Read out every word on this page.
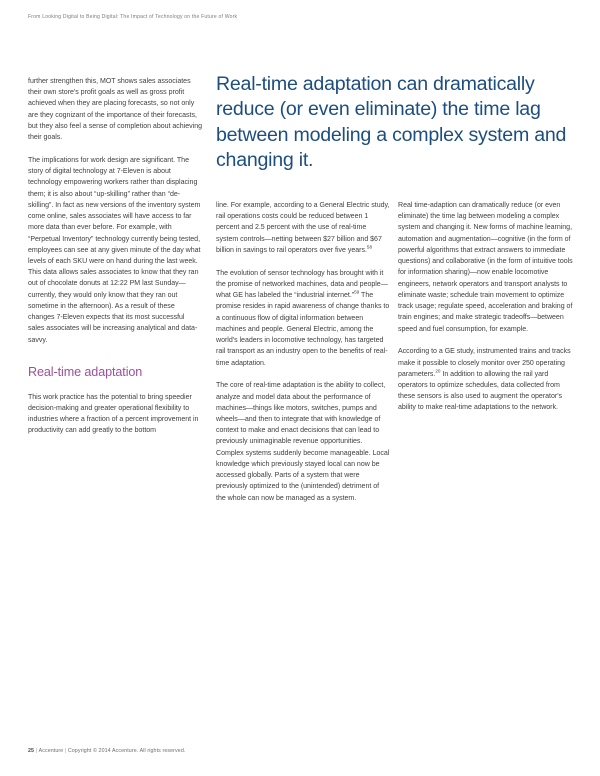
From Looking Digital to Being Digital: The Impact of Technology on the Future of Work
Real-time adaptation can dramatically reduce (or even eliminate) the time lag between modeling a complex system and changing it.

further strengthen this, MOT shows sales associates their own store's profit goals as well as gross profit achieved when they are placing forecasts, so not only are they cognizant of the importance of their forecasts, but they also feel a sense of completion about achieving their goals.

The implications for work design are significant. The story of digital technology at 7-Eleven is about technology empowering workers rather than displacing them; it is also about “up-skilling” rather than “de-skilling”. In fact as new versions of the inventory system come online, sales associates will have access to far more data than ever before. For example, with “Perpetual Inventory” technology currently being tested, employees can see at any given minute of the day what levels of each SKU were on hand during the last week. This data allows sales associates to know that they ran out of chocolate donuts at 12:22 PM last Sunday—currently, they would only know that they ran out sometime in the afternoon). As a result of these changes 7-Eleven expects that its most successful sales associates will be increasing analytical and data-savvy.

Real-time adaptation

This work practice has the potential to bring speedier decision-making and greater operational flexibility to industries where a fraction of a percent improvement in productivity can add greatly to the bottom

line. For example, according to a General Electric study, rail operations costs could be reduced between 1 percent and 2.5 percent with the use of real-time system controls—netting between $27 billion and $67 billion in savings to rail operators over five years.$^{58}$

The evolution of sensor technology has brought with it the promise of networked machines, data and people—what GE has labeled the “industrial internet.”$^{59}$ The promise resides in rapid awareness of change thanks to a continuous flow of digital information between machines and people. General Electric, among the world's leaders in locomotive technology, has targeted rail transport as an industry open to the benefits of real-time adaptation.

The core of real-time adaptation is the ability to collect, analyze and model data about the performance of machines—things like motors, switches, pumps and wheels—and then to integrate that with knowledge of context to make and enact decisions that can lead to previously unimaginable revenue opportunities. Complex systems suddenly become manageable. Local knowledge which previously stayed local can now be accessed globally. Parts of a system that were previously optimized to the (unintended) detriment of the whole can now be managed as a system.

Real time-adaption can dramatically reduce (or even eliminate) the time lag between modeling a complex system and changing it. New forms of machine learning, automation and augmentation—cognitive (in the form of powerful algorithms that extract answers to immediate questions) and collaborative (in the form of intuitive tools for information sharing)—now enable locomotive engineers, network operators and transport analysts to eliminate waste; schedule train movement to optimize track usage; regulate speed, acceleration and braking of train engines; and make strategic tradeoffs—between speed and fuel consumption, for example.

According to a GE study, instrumented trains and tracks make it possible to closely monitor over 250 operating parameters.$^{20}$ In addition to allowing the rail yard operators to optimize schedules, data collected from these sensors is also used to augment the operator's ability to make real-time adaptations to the network.

25 | Accenture | Copyright © 2014 Accenture. All rights reserved.
